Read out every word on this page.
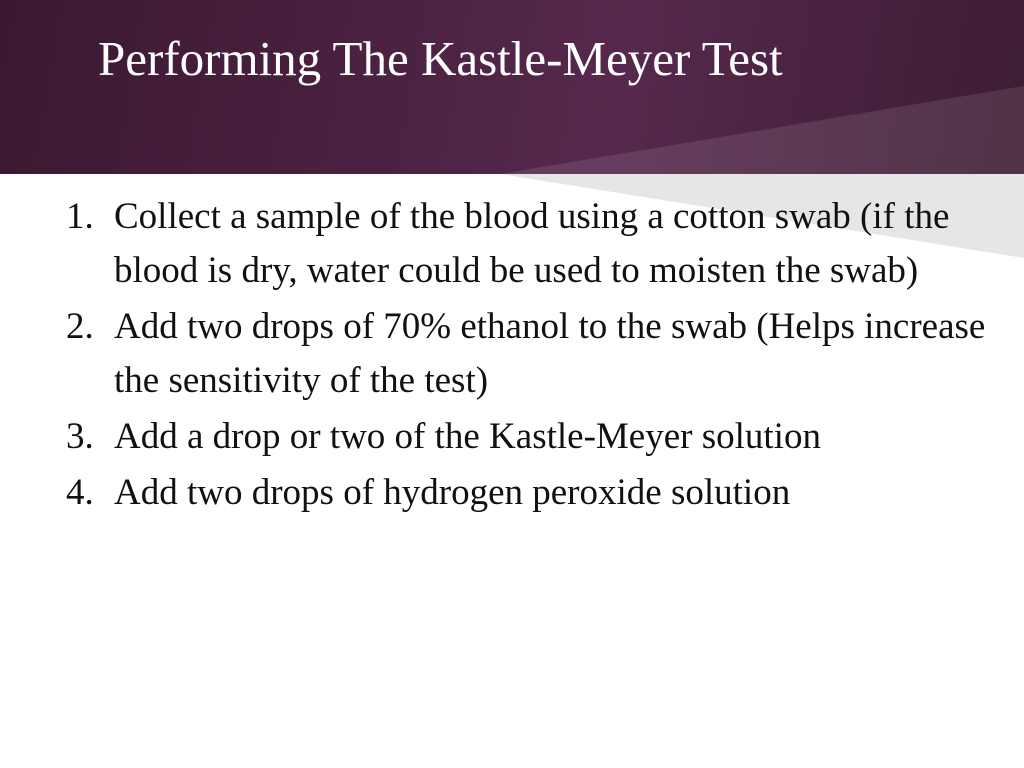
Performing The Kastle-Meyer Test
1. Collect a sample of the blood using a cotton swab (if the blood is dry, water could be used to moisten the swab)
2. Add two drops of 70% ethanol to the swab (Helps increase the sensitivity of the test)
3. Add a drop or two of the Kastle-Meyer solution
4. Add two drops of hydrogen peroxide solution
